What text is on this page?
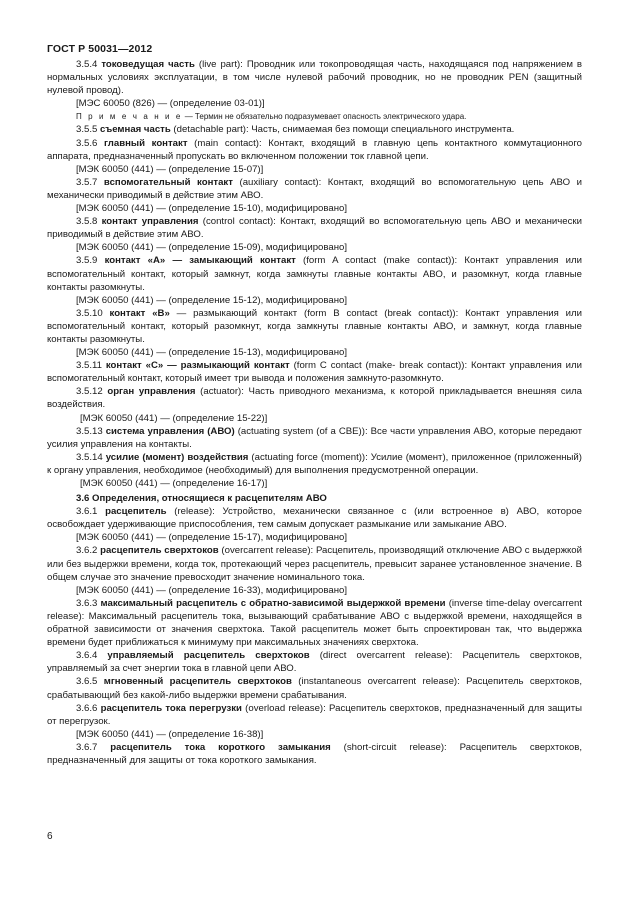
ГОСТ Р 50031—2012

3.5.4 токоведущая часть (live part): Проводник или токопроводящая часть, находящаяся под напряжением в нормальных условиях эксплуатации, в том числе нулевой рабочий проводник, но не проводник PEN (защитный нулевой провод).

[МЭС 60050 (826) — (определение 03-01)]

П р и м е ч а н и е — Термин не обязательно подразумевает опасность электрического удара.

3.5.5 съемная часть (detachable part): Часть, снимаемая без помощи специального инструмента.

3.5.6 главный контакт (main contact): Контакт, входящий в главную цепь контактного коммутационного аппарата, предназначенный пропускать во включенном положении ток главной цепи.

[МЭК 60050 (441) — (определение 15-07)]

3.5.7 вспомогательный контакт (auxiliary contact): Контакт, входящий во вспомогательную цепь АВО и механически приводимый в действие этим АВО.

[МЭК 60050 (441) — (определение 15-10), модифицировано]

3.5.8 контакт управления (control contact): Контакт, входящий во вспомогательную цепь АВО и механически приводимый в действие этим АВО.

[МЭК 60050 (441) — (определение 15-09), модифицировано]

3.5.9 контакт «А» — замыкающий контакт (form A contact (make contact)): Контакт управления или вспомогательный контакт, который замкнут, когда замкнуты главные контакты АВО, и разомкнут, когда главные контакты разомкнуты.

[МЭК 60050 (441) — (определение 15-12), модифицировано]

3.5.10 контакт «B» — размыкающий контакт (form B contact (break contact)): Контакт управления или вспомогательный контакт, который разомкнут, когда замкнуты главные контакты АВО, и замкнут, когда главные контакты разомкнуты.

[МЭК 60050 (441) — (определение 15-13), модифицировано]

3.5.11 контакт «С» — размыкающий контакт (form C contact (make- break contact)): Контакт управления или вспомогательный контакт, который имеет три вывода и положения замкнуто-разомкнуто.

3.5.12 орган управления (actuator): Часть приводного механизма, к которой прикладывается внешняя сила воздействия.

[МЭК 60050 (441) — (определение 15-22)]

3.5.13 система управления (АВО) (actuating system (of a CBE)): Все части управления АВО, которые передают усилия управления на контакты.

3.5.14 усилие (момент) воздействия (actuating force (moment)): Усилие (момент), приложенное (приложенный) к органу управления, необходимое (необходимый) для выполнения предусмотренной операции.

[МЭК 60050 (441) — (определение 16-17)]

3.6 Определения, относящиеся к расцепителям АВО

3.6.1 расцепитель (release): Устройство, механически связанное с (или встроенное в) АВО, которое освобождает удерживающие приспособления, тем самым допускает размыкание или замыкание АВО.

[МЭК 60050 (441) — (определение 15-17), модифицировано]

3.6.2 расцепитель сверхтоков (overcarrent release): Расцепитель, производящий отключение АВО с выдержкой или без выдержки времени, когда ток, протекающий через расцепитель, превысит заранее установленное значение. В общем случае это значение превосходит значение номинального тока.

[МЭК 60050 (441) — (определение 16-33), модифицировано]

3.6.3 максимальный расцепитель с обратно-зависимой выдержкой времени (inverse time-delay overcarrent release): Максимальный расцепитель тока, вызывающий срабатывание АВО с выдержкой времени, находящейся в обратной зависимости от значения сверхтока. Такой расцепитель может быть спроектирован так, что выдержка времени будет приближаться к минимуму при максимальных значениях сверхтока.

3.6.4 управляемый расцепитель сверхтоков (direct overcarrent release): Расцепитель сверхтоков, управляемый за счет энергии тока в главной цепи АВО.

3.6.5 мгновенный расцепитель сверхтоков (instantaneous overcarrent release): Расцепитель сверхтоков, срабатывающий без какой-либо выдержки времени срабатывания.

3.6.6 расцепитель тока перегрузки (overload release): Расцепитель сверхтоков, предназначенный для защиты от перегрузок.

[МЭК 60050 (441) — (определение 16-38)]

3.6.7 расцепитель тока короткого замыкания (short-circuit release): Расцепитель сверхтоков, предназначенный для защиты от тока короткого замыкания.

6
